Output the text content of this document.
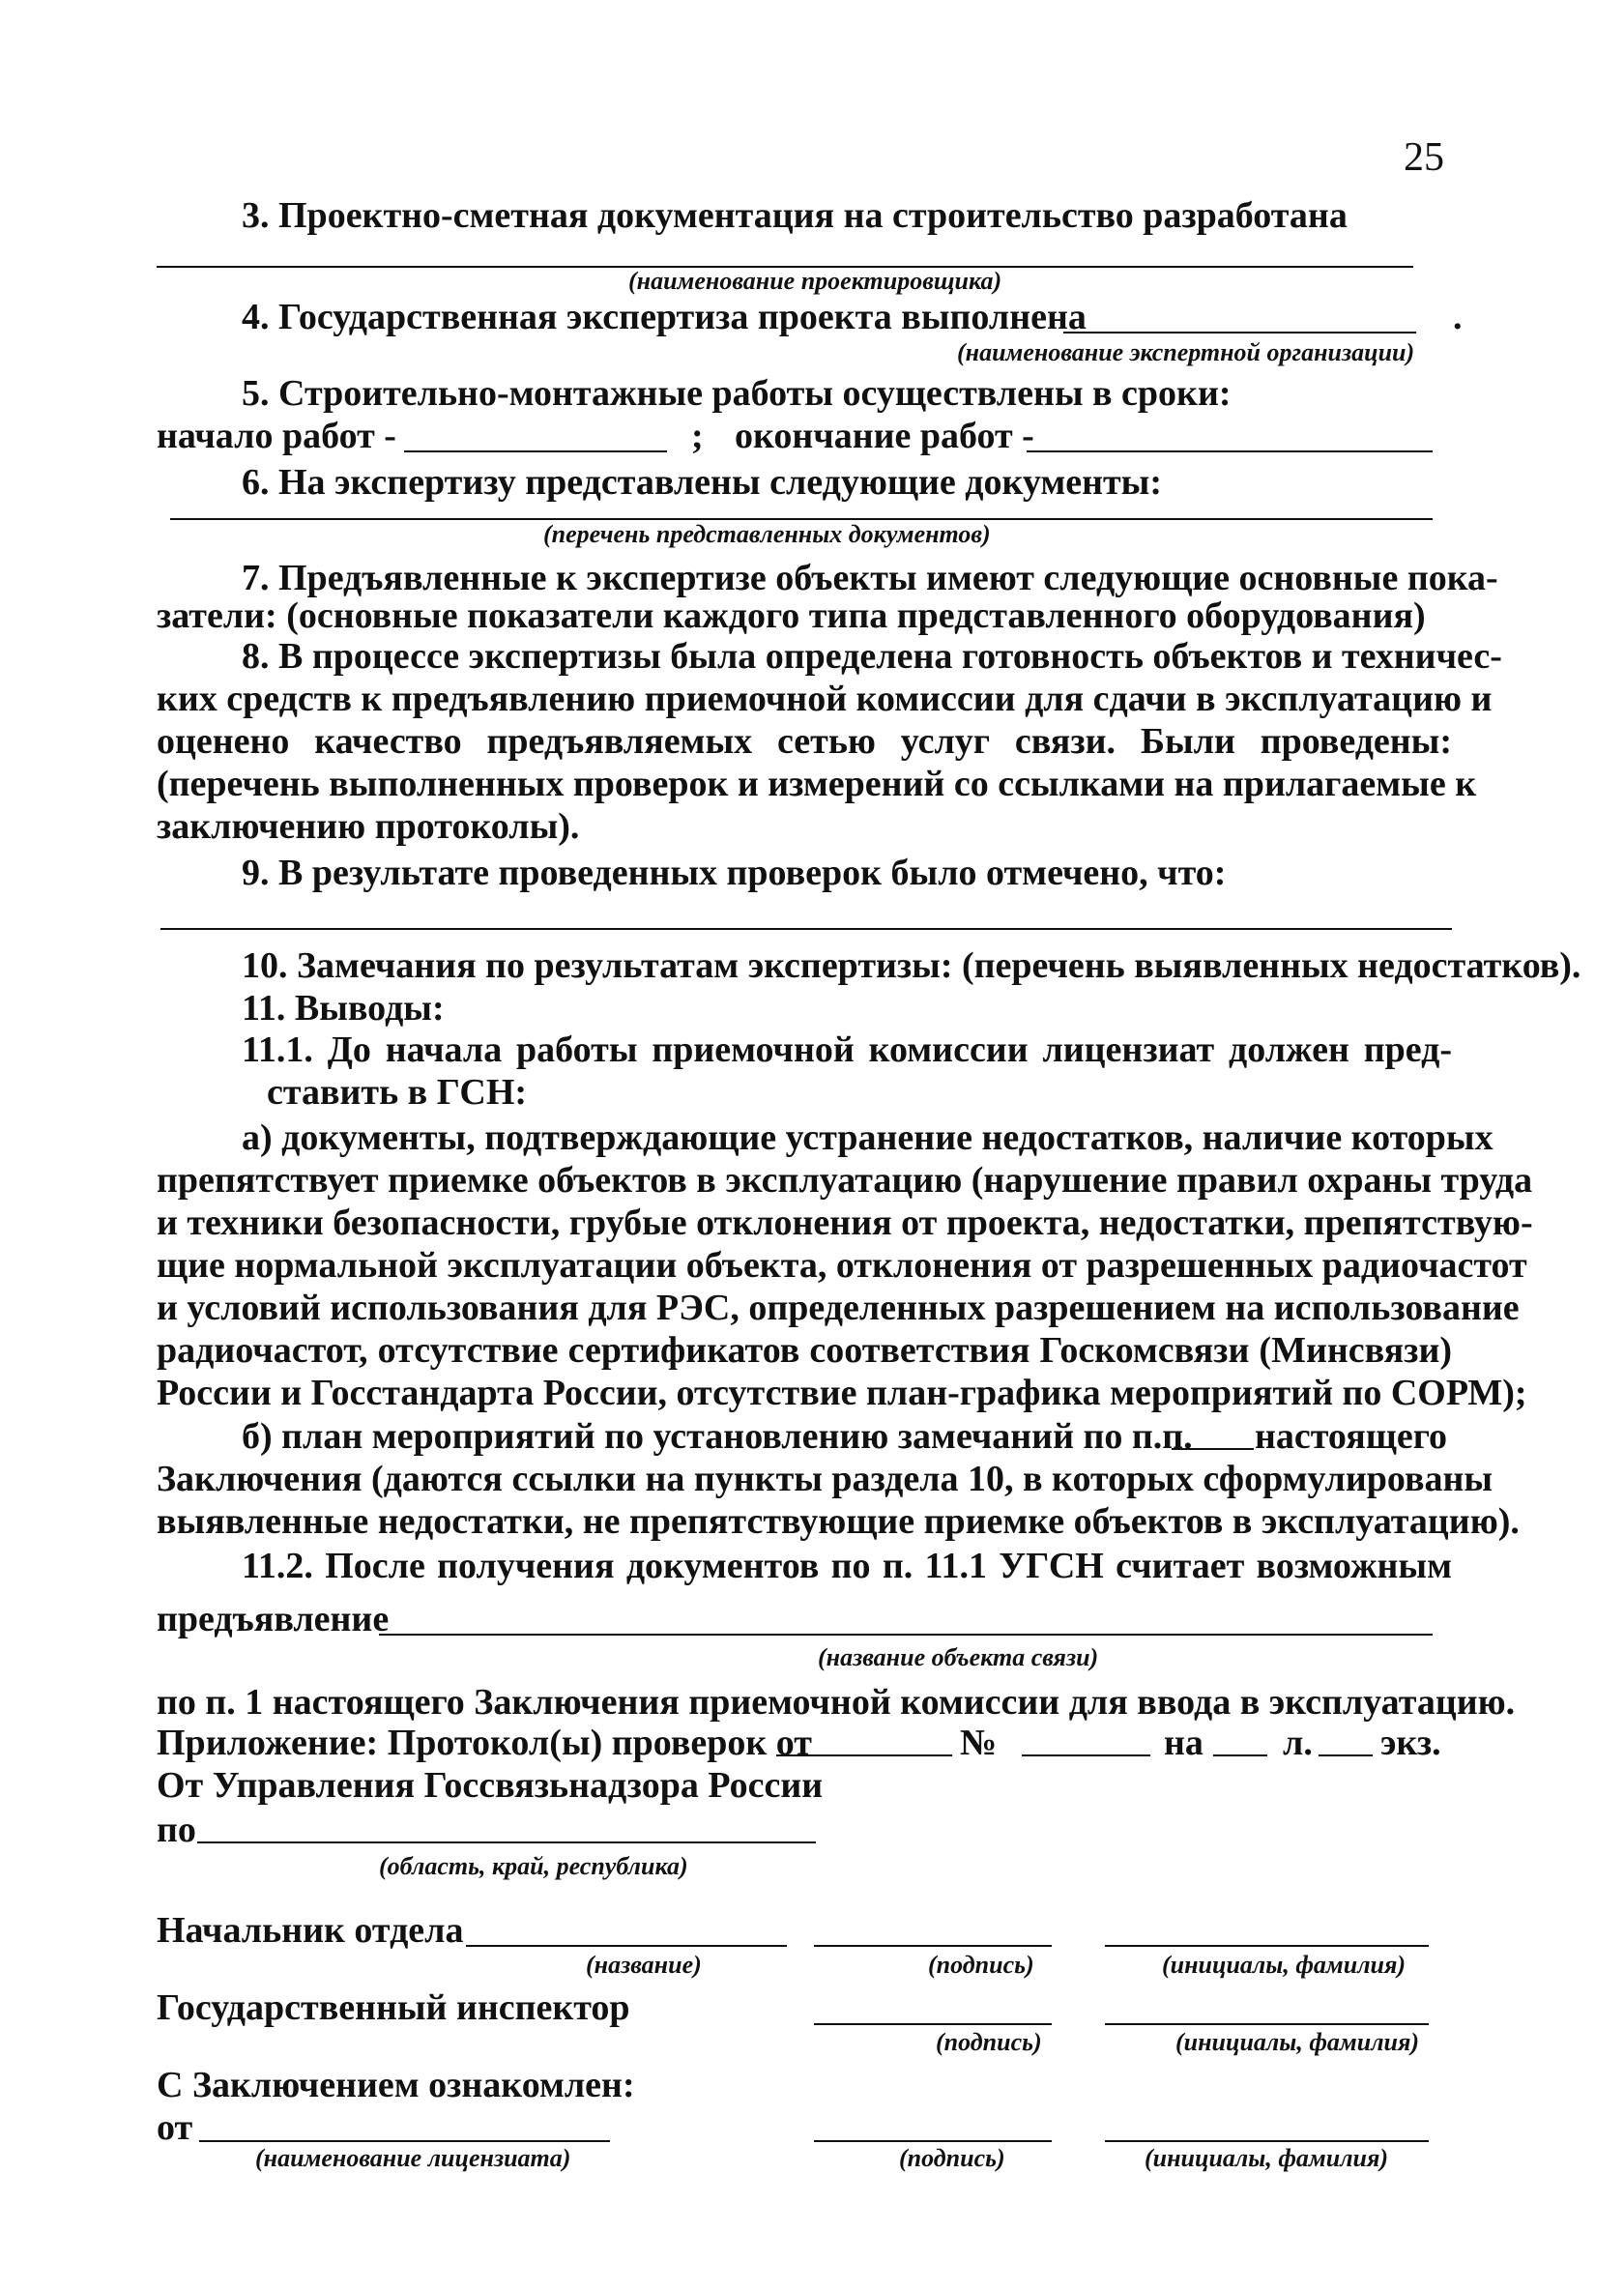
25
3. Проектно-сметная документация на строительство разработана
(наименование проектировщика)
4. Государственная экспертиза проекта выполнена	.
(наименование экспертной организации)
5. Строительно-монтажные работы осуществлены в сроки:
начало работ -	; окончание работ -
6. На экспертизу представлены следующие документы:
(перечень представленных документов)
7. Предъявленные к экспертизе объекты имеют следующие основные пока-
затели: (основные показатели каждого типа представленного оборудования)
8. В процессе экспертизы была определена готовность объектов и техничес-
ких средств к предъявлению приемочной комиссии для сдачи в эксплуатацию и
оценено качество предъявляемых сетью услуг связи. Были проведены:
(перечень выполненных проверок и измерений со ссылками на прилагаемые к
заключению протоколы).
9. В результате проведенных проверок было отмечено, что:
10. Замечания по результатам экспертизы: (перечень выявленных недостатков).
11. Выводы:
11.1. До начала работы приемочной комиссии лицензиат должен пред-
ставить в ГСН:
а) документы, подтверждающие устранение недостатков, наличие которых
препятствует приемке объектов в эксплуатацию (нарушение правил охраны труда
и техники безопасности, грубые отклонения от проекта, недостатки, препятствую-
щие нормальной эксплуатации объекта, отклонения от разрешенных радиочастот
и условий использования для РЭС, определенных разрешением на использование
радиочастот, отсутствие сертификатов соответствия Госкомсвязи (Минсвязи)
России и Госстандарта России, отсутствие план-графика мероприятий по СОРМ);
б) план мероприятий по установлению замечаний по п.п. настоящего
Заключения (даются ссылки на пункты раздела 10, в которых сформулированы
выявленные недостатки, не препятствующие приемке объектов в эксплуатацию).
11.2. После получения документов по п. 11.1 УГСН считает возможным
предъявление
(название объекта связи)
по п. 1 настоящего Заключения приемочной комиссии для ввода в эксплуатацию.
Приложение: Протокол(ы) проверок от	№	на л. экз.
От Управления Госсвязьнадзора России
по
(область, край, республика)
Начальник отдела
(название)	(подпись)	(инициалы, фамилия)
Государственный инспектор
(подпись)	(инициалы, фамилия)
С Заключением ознакомлен:
от
(наименование лицензиата)	(подпись)	(инициалы, фамилия)
